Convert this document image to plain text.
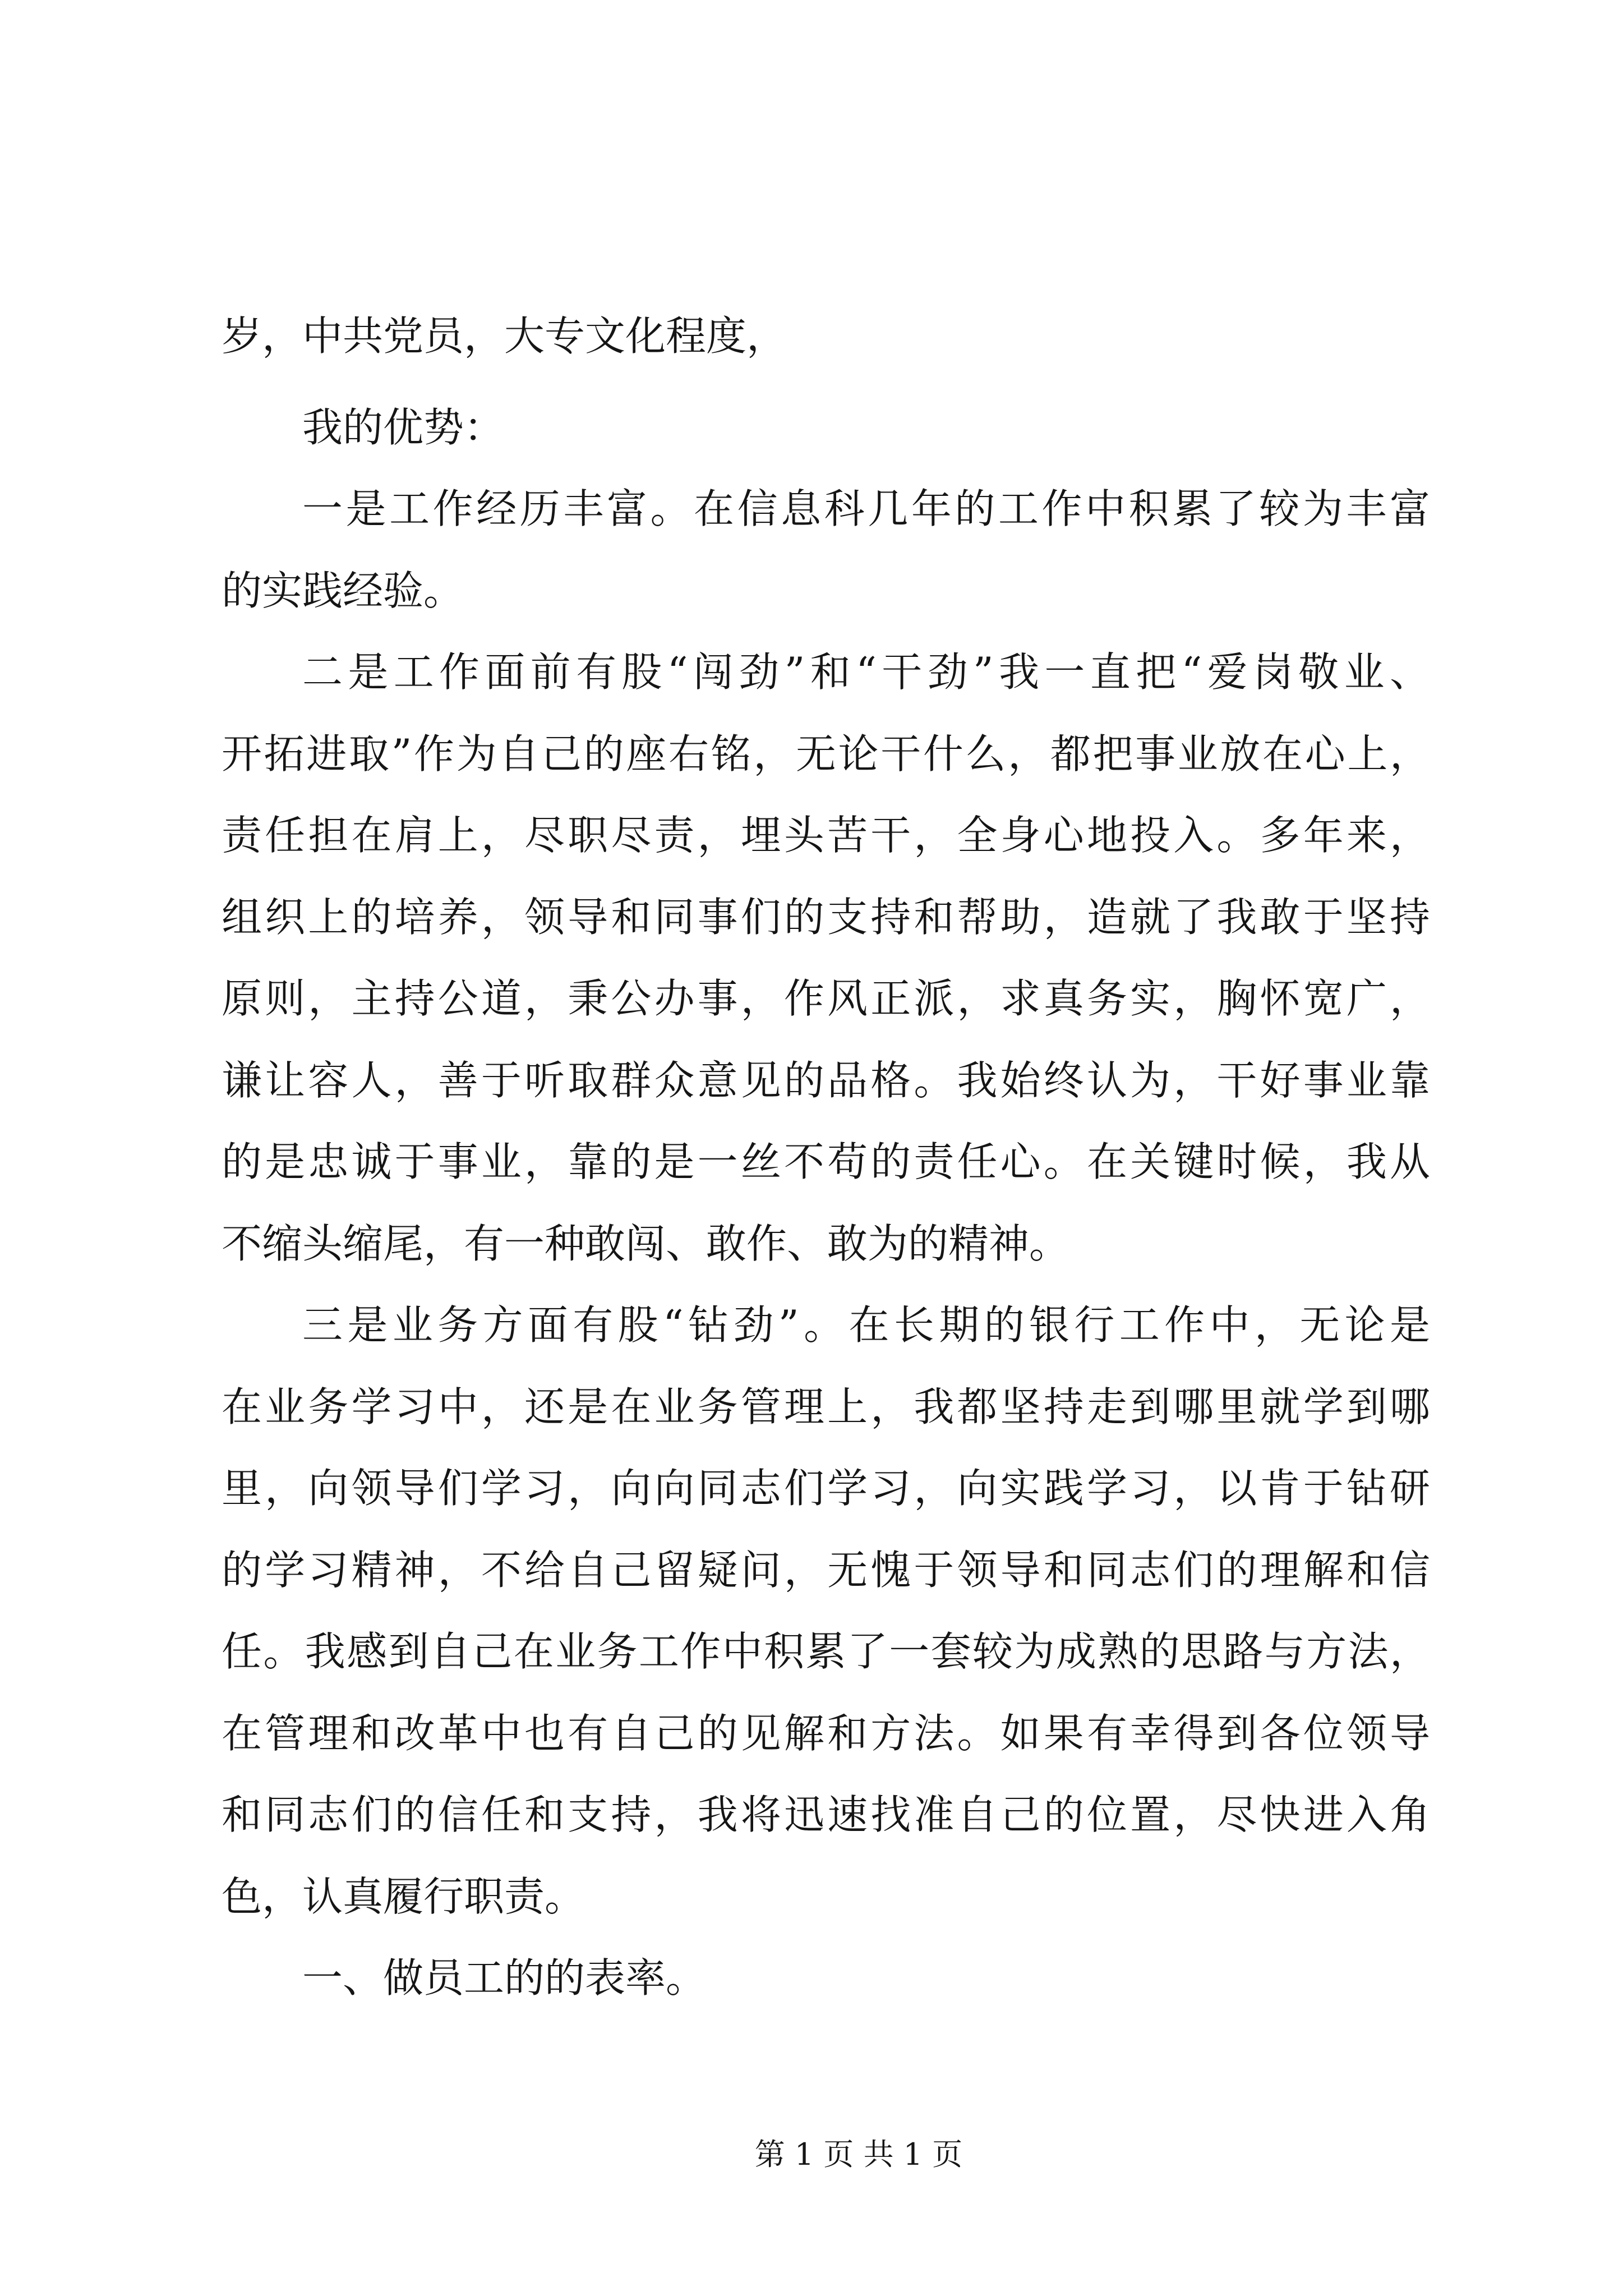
岁，中共党员，大专文化程度，
我的优势：
一是工作经历丰富。在信息科几年的工作中积累了较为丰富
的实践经验。
二是工作面前有股“闯劲”和“干劲”我一直把“爱岗敬业、
开拓进取”作为自己的座右铭，无论干什么，都把事业放在心上，
责任担在肩上，尽职尽责，埋头苦干，全身心地投入。多年来，
组织上的培养，领导和同事们的支持和帮助，造就了我敢于坚持
原则，主持公道，秉公办事，作风正派，求真务实，胸怀宽广，
谦让容人，善于听取群众意见的品格。我始终认为，干好事业靠
的是忠诚于事业，靠的是一丝不苟的责任心。在关键时候，我从
不缩头缩尾，有一种敢闯、敢作、敢为的精神。
三是业务方面有股“钻劲”。在长期的银行工作中，无论是
在业务学习中，还是在业务管理上，我都坚持走到哪里就学到哪
里，向领导们学习，向向同志们学习，向实践学习，以肯于钻研
的学习精神，不给自己留疑问，无愧于领导和同志们的理解和信
任。我感到自己在业务工作中积累了一套较为成熟的思路与方法，
在管理和改革中也有自己的见解和方法。如果有幸得到各位领导
和同志们的信任和支持，我将迅速找准自己的位置，尽快进入角
色，认真履行职责。
一、做员工的的表率。
第 1 页 共 1 页
